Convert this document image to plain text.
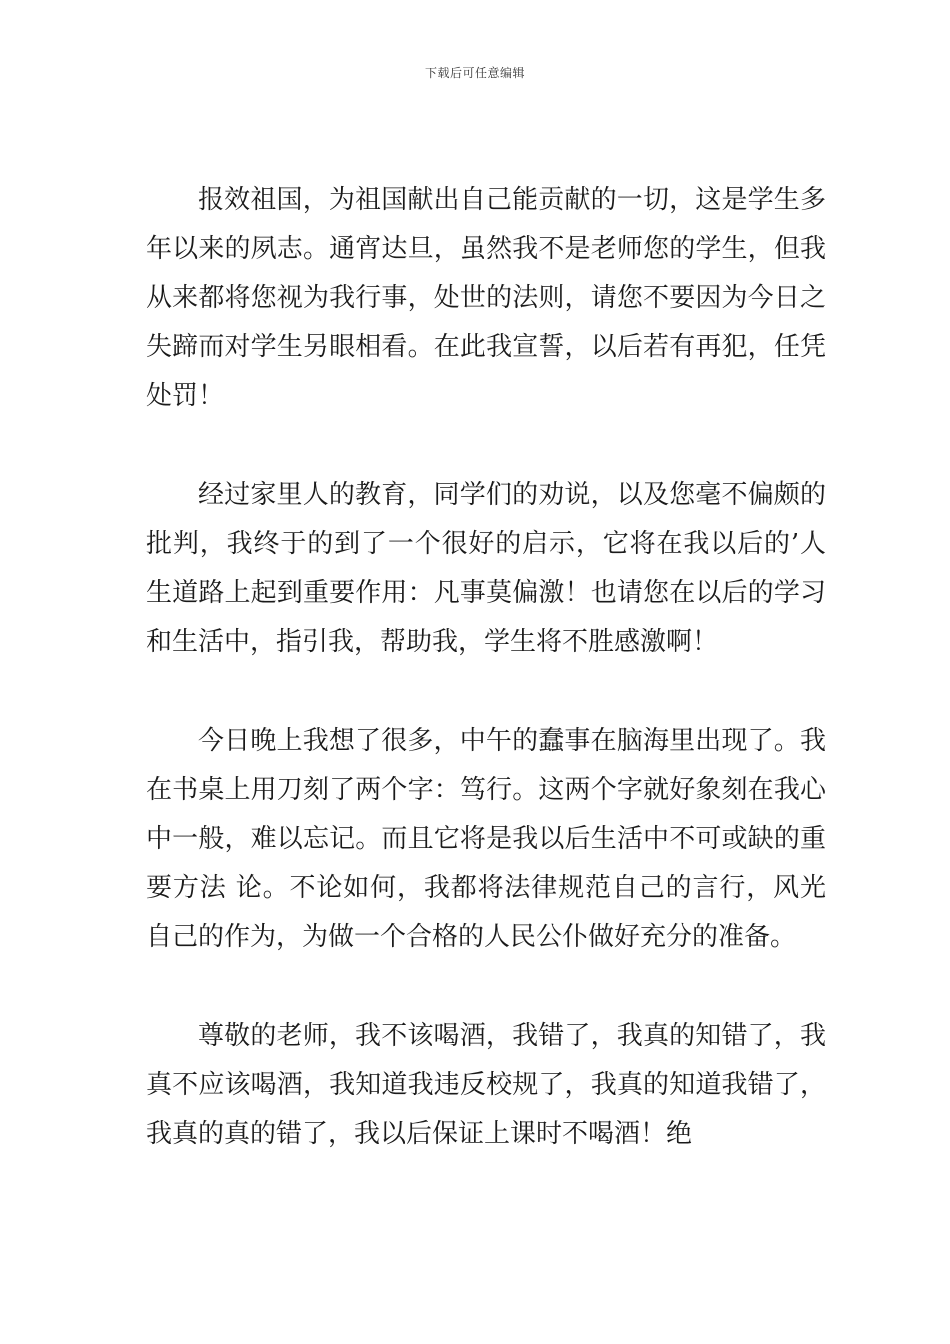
下载后可任意编辑

报效祖国，为祖国献出自己能贡献的一切，这是学生多年以来的夙志。通宵达旦，虽然我不是老师您的学生，但我从来都将您视为我行事，处世的法则，请您不要因为今日之失蹄而对学生另眼相看。在此我宣誓，以后若有再犯，任凭处罚！

经过家里人的教育，同学们的劝说，以及您毫不偏颇的批判，我终于的到了一个很好的启示，它将在我以后的’人生道路上起到重要作用：凡事莫偏激！也请您在以后的学习和生活中，指引我，帮助我，学生将不胜感激啊！

今日晚上我想了很多，中午的蠢事在脑海里出现了。我在书桌上用刀刻了两个字：笃行。这两个字就好象刻在我心中一般，难以忘记。而且它将是我以后生活中不可或缺的重要方法 论。不论如何，我都将法律规范自己的言行，风光自己的作为，为做一个合格的人民公仆做好充分的准备。

尊敬的老师，我不该喝酒，我错了，我真的知错了，我真不应该喝酒，我知道我违反校规了，我真的知道我错了，我真的真的错了，我以后保证上课时不喝酒！绝
